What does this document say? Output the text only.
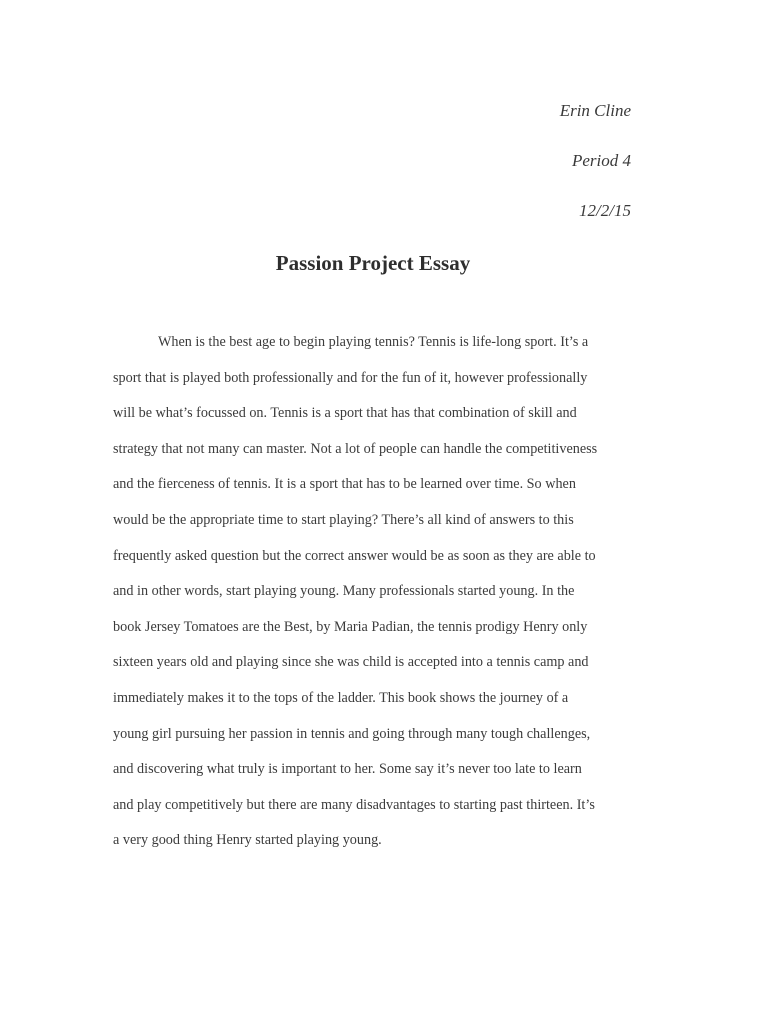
Erin Cline
Period 4
12/2/15
Passion Project Essay
When is the best age to begin playing tennis? Tennis is life-long sport. It’s a
sport that is played both professionally and for the fun of it, however professionally
will be what’s focussed on. Tennis is a sport that has that combination of skill and
strategy that not many can master. Not a lot of people can handle the competitiveness
and the fierceness of tennis. It is a sport that has to be learned over time. So when
would be the appropriate time to start playing? There’s all kind of answers to this
frequently asked question but the correct answer would be as soon as they are able to
and in other words, start playing young. Many professionals started young. In the
book Jersey Tomatoes are the Best, by Maria Padian, the tennis prodigy Henry only
sixteen years old and playing since she was child is accepted into a tennis camp and
immediately makes it to the tops of the ladder. This book shows the journey of a
young girl pursuing her passion in tennis and going through many tough challenges,
and discovering what truly is important to her. Some say it’s never too late to learn
and play competitively but there are many disadvantages to starting past thirteen. It’s
a very good thing Henry started playing young.
